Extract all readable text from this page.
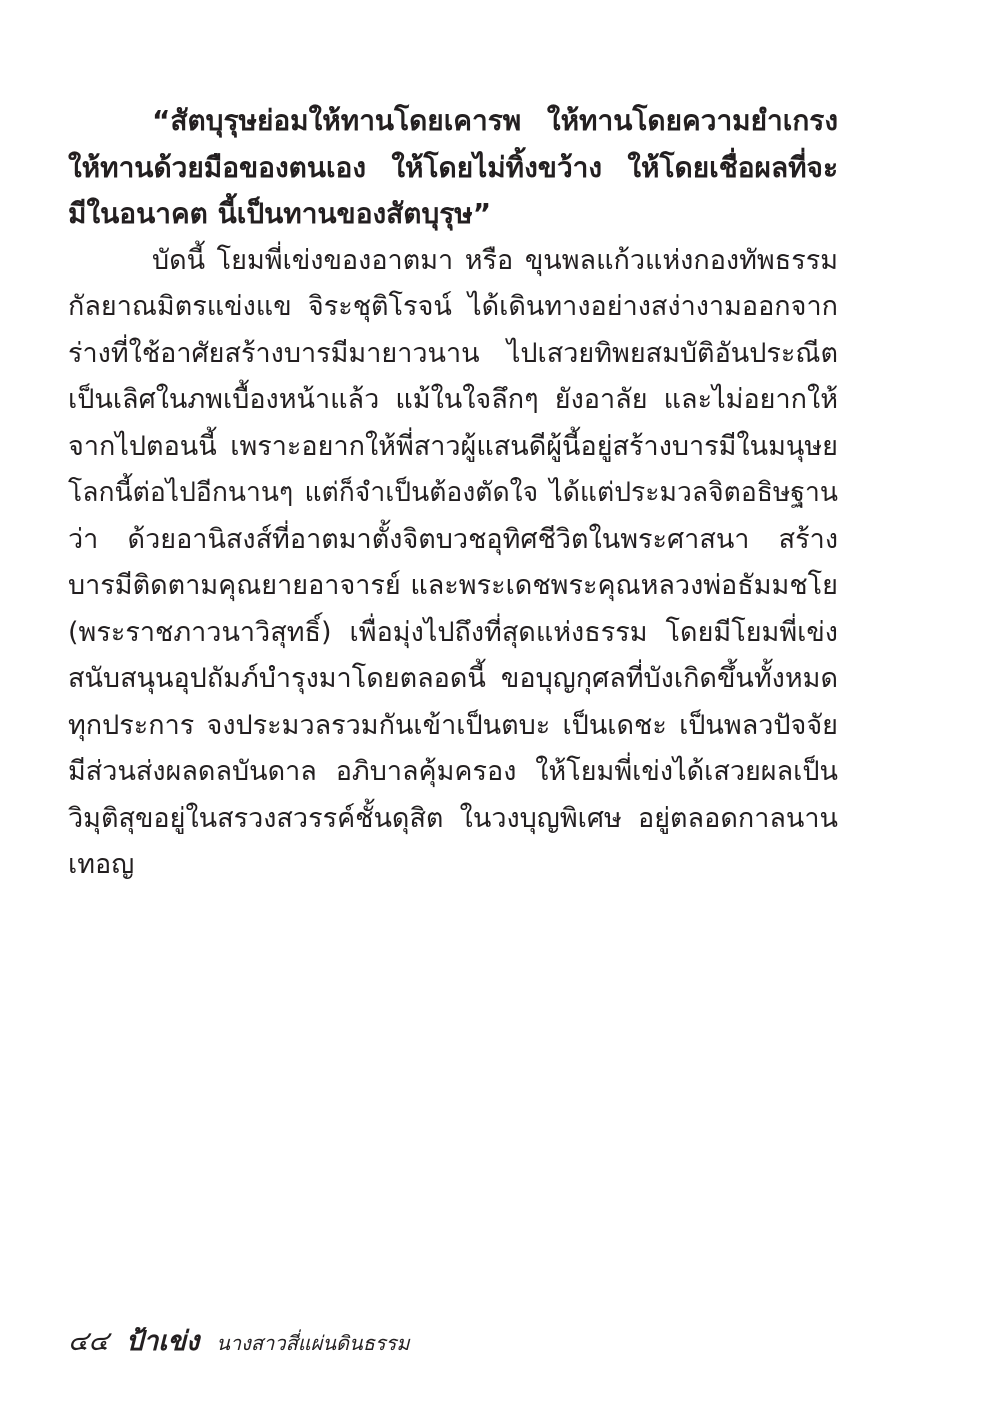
“สัตบุรุษย่อมให้ทานโดยเคารพ ให้ทานโดยความยำเกรง
ให้ทานด้วยมือของตนเอง ให้โดยไม่ทิ้งขว้าง ให้โดยเชื่อผลที่จะ
มีในอนาคต นี้เป็นทานของสัตบุรุษ”
บัดนี้ โยมพี่เข่งของอาตมา หรือ ขุนพลแก้วแห่งกองทัพธรรม
กัลยาณมิตรแข่งแข จิระชุติโรจน์ ได้เดินทางอย่างสง่างามออกจาก
ร่างที่ใช้อาศัยสร้างบารมีมายาวนาน ไปเสวยทิพยสมบัติอันประณีต
เป็นเลิศในภพเบื้องหน้าแล้ว แม้ในใจลึกๆ ยังอาลัย และไม่อยากให้
จากไปตอนนี้ เพราะอยากให้พี่สาวผู้แสนดีผู้นี้อยู่สร้างบารมีในมนุษย
โลกนี้ต่อไปอีกนานๆ แต่ก็จำเป็นต้องตัดใจ ได้แต่ประมวลจิตอธิษฐาน
ว่า ด้วยอานิสงส์ที่อาตมาตั้งจิตบวชอุทิศชีวิตในพระศาสนา สร้าง
บารมีติดตามคุณยายอาจารย์ และพระเดชพระคุณหลวงพ่อธัมมชโย
(พระราชภาวนาวิสุทธิ์) เพื่อมุ่งไปถึงที่สุดแห่งธรรม โดยมีโยมพี่เข่ง
สนับสนุนอุปถัมภ์บำรุงมาโดยตลอดนี้ ขอบุญกุศลที่บังเกิดขึ้นทั้งหมด
ทุกประการ จงประมวลรวมกันเข้าเป็นตบะ เป็นเดชะ เป็นพลวปัจจัย
มีส่วนส่งผลดลบันดาล อภิบาลคุ้มครอง ให้โยมพี่เข่งได้เสวยผลเป็น
วิมุติสุขอยู่ในสรวงสวรรค์ชั้นดุสิต ในวงบุญพิเศษ อยู่ตลอดกาลนาน
เทอญ
๔๔ ป้าเข่ง นางสาวสี่แผ่นดินธรรม
